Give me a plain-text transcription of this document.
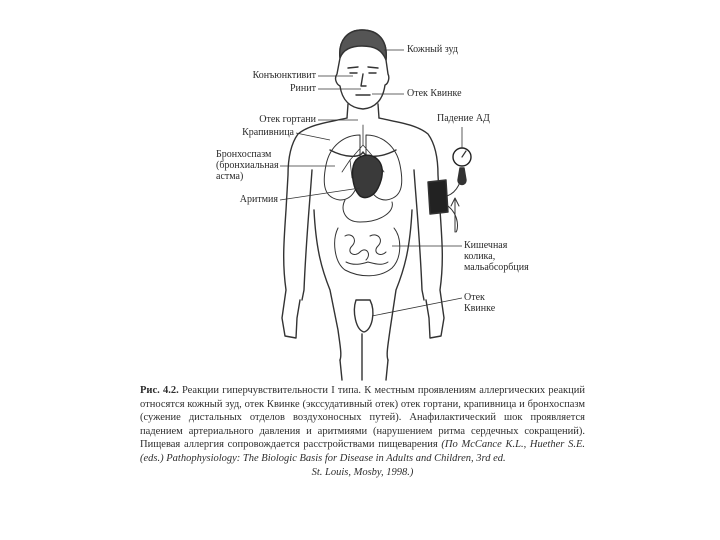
Кожный зуд
Конъюнктивит
Ринит	Отек Квинке
Отек гортани
Крапивница
Бронхоспазм (бронхиальная астма)
Аритмия
Падение АД
Кишечная колика, мальабсорбция
Отек Квинке

Рис. 4.2. Реакции гиперчувствительности I типа. К местным проявлениям аллергических реакций относятся кожный зуд, отек Квинке (экссудативный отек) отек гортани, крапивница и бронхоспазм (сужение дистальных отделов воздухоносных путей). Анафилактический шок проявляется падением артериального давления и аритмиями (нарушением ритма сердечных сокращений). Пищевая аллергия сопровождается расстройствами пищеварения (По McCance K.L., Huether S.E. (eds.) Pathophysiology: The Biologic Basis for Disease in Adults and Children, 3rd ed.
St. Louis, Mosby, 1998.)
